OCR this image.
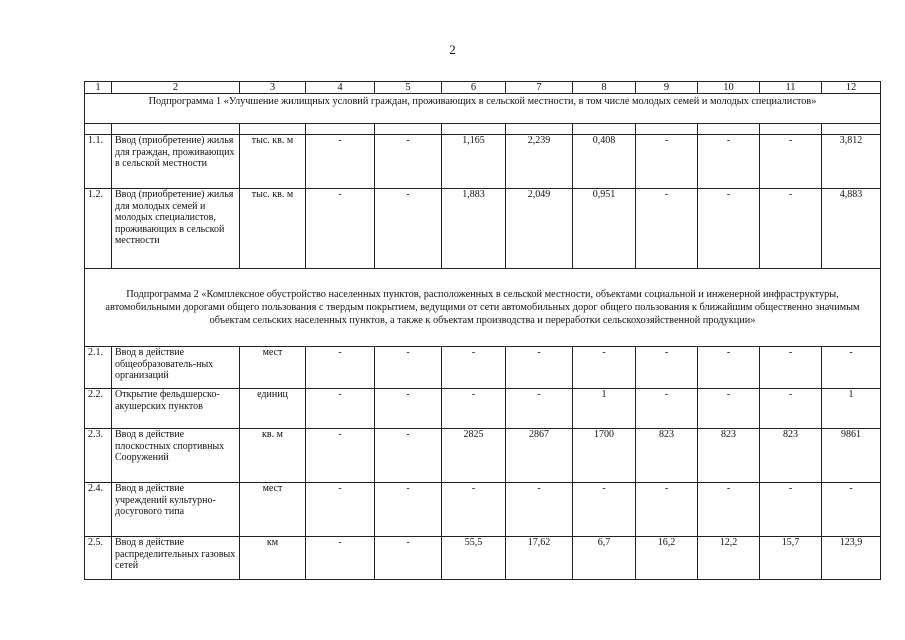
2
1	2	3	4	5	6	7	8	9	10	11	12
Подпрограмма 1 «Улучшение жилищных условий граждан, проживающих в сельской местности, в том числе молодых семей и молодых специалистов»											

1.1.	Ввод (приобретение) жилья для граждан, проживающих в сельской местности	тыс. кв. м	-	-	1,165	2,239	0,408	-	-	-	3,812
1.2.	Ввод (приобретение) жилья для молодых семей и молодых специалистов, проживающих в сельской местности	тыс. кв. м	-	-	1,883	2,049	0,951	-	-	-	4,883
Подпрограмма 2 «Комплексное обустройство населенных пунктов, расположенных в сельской местности, объектами социальной и инженерной инфраструктуры, автомобильными дорогами общего пользования с твердым покрытием, ведущими от сети автомобильных дорог общего пользования к ближайшим общественно значимым объектам сельских населенных пунктов, а также к объектам производства и переработки сельскохозяйственной продукции»											
2.1.	Ввод в действие общеобразователь-ных организаций	мест	-	-	-	-	-	-	-	-	-
2.2.	Открытие фельдшерско-акушерских пунктов	единиц	-	-	-	-	1	-	-	-	1
2.3.	Ввод в действие плоскостных спортивных Сооружений	кв. м	-	-	2825	2867	1700	823	823	823	9861
2.4.	Ввод в действие учреждений культурно-досугового типа	мест	-	-	-	-	-	-	-	-	-
2.5.	Ввод в действие распределительных газовых сетей	км	-	-	55,5	17,62	6,7	16,2	12,2	15,7	123,9
